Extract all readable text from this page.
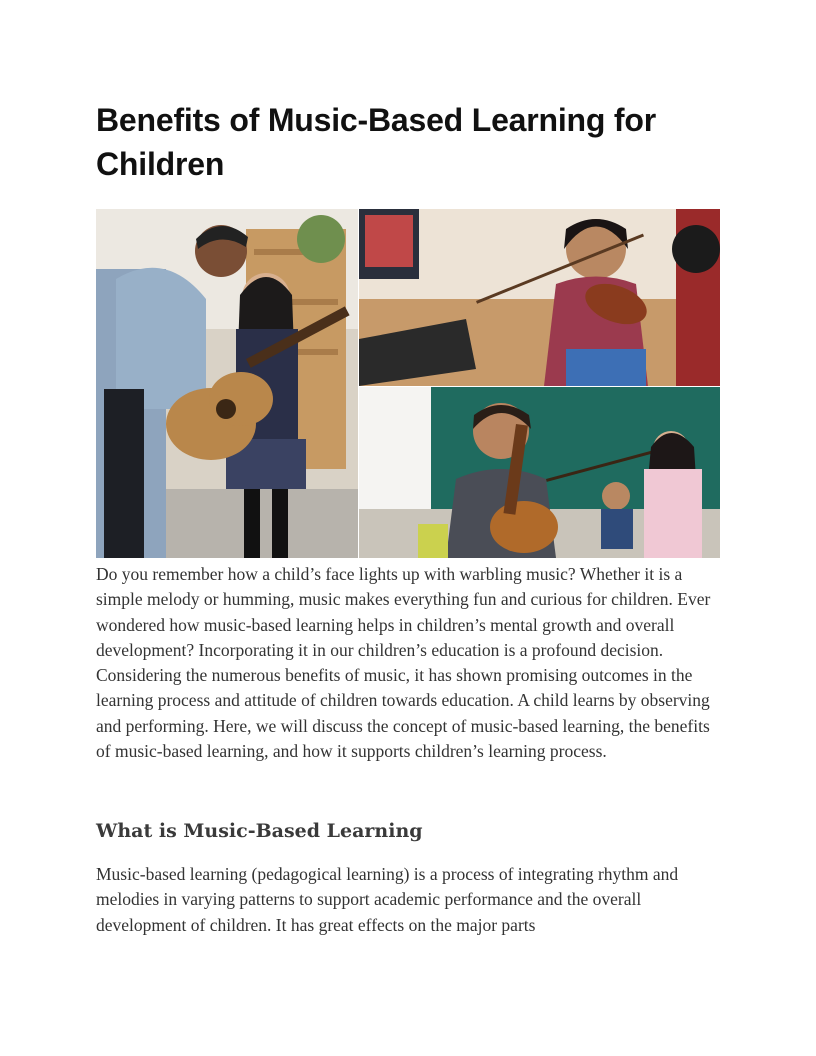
Benefits of Music-Based Learning for Children

Do you remember how a child’s face lights up with warbling music? Whether it is a simple melody or humming, music makes everything fun and curious for children. Ever wondered how music-based learning helps in children’s mental growth and overall development? Incorporating it in our children’s education is a profound decision. Considering the numerous benefits of music, it has shown promising outcomes in the learning process and attitude of children towards education. A child learns by observing and performing. Here, we will discuss the concept of music-based learning, the benefits of music-based learning, and how it supports children’s learning process.

What is Music-Based Learning

Music-based learning (pedagogical learning) is a process of integrating rhythm and melodies in varying patterns to support academic performance and the overall development of children. It has great effects on the major parts
